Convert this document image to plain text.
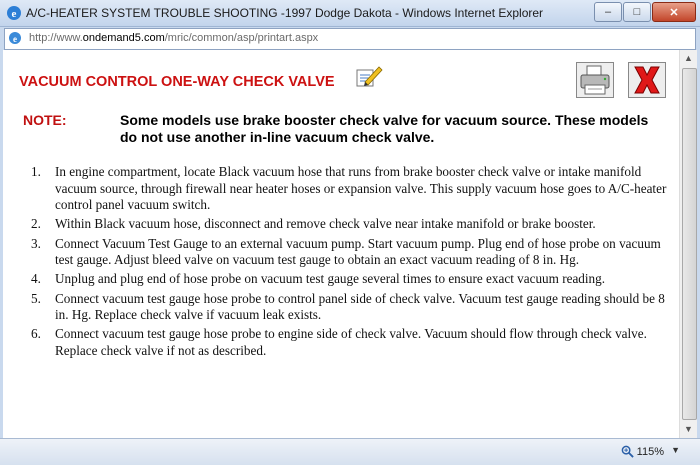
e A/C-HEATER SYSTEM TROUBLE SHOOTING -1997 Dodge Dakota - Windows Internet Explorer	–	□	✕
e http://www.ondemand5.com/mric/common/asp/printart.aspx
VACUUM CONTROL ONE-WAY CHECK VALVE
NOTE:	Some models use brake booster check valve for vacuum source. These models do not use another in-line vacuum check valve.
1. In engine compartment, locate Black vacuum hose that runs from brake booster check valve or intake manifold vacuum source, through firewall near heater hoses or expansion valve. This supply vacuum hose goes to A/C-heater control panel vacuum switch.
2. Within Black vacuum hose, disconnect and remove check valve near intake manifold or brake booster.
3. Connect Vacuum Test Gauge to an external vacuum pump. Start vacuum pump. Plug end of hose probe on vacuum test gauge. Adjust bleed valve on vacuum test gauge to obtain an exact vacuum reading of 8 in. Hg.
4. Unplug and plug end of hose probe on vacuum test gauge several times to ensure exact vacuum reading.
5. Connect vacuum test gauge hose probe to control panel side of check valve. Vacuum test gauge reading should be 8 in. Hg. Replace check valve if vacuum leak exists.
6. Connect vacuum test gauge hose probe to engine side of check valve. Vacuum should flow through check valve. Replace check valve if not as described.
▲
▼
115% ▼
